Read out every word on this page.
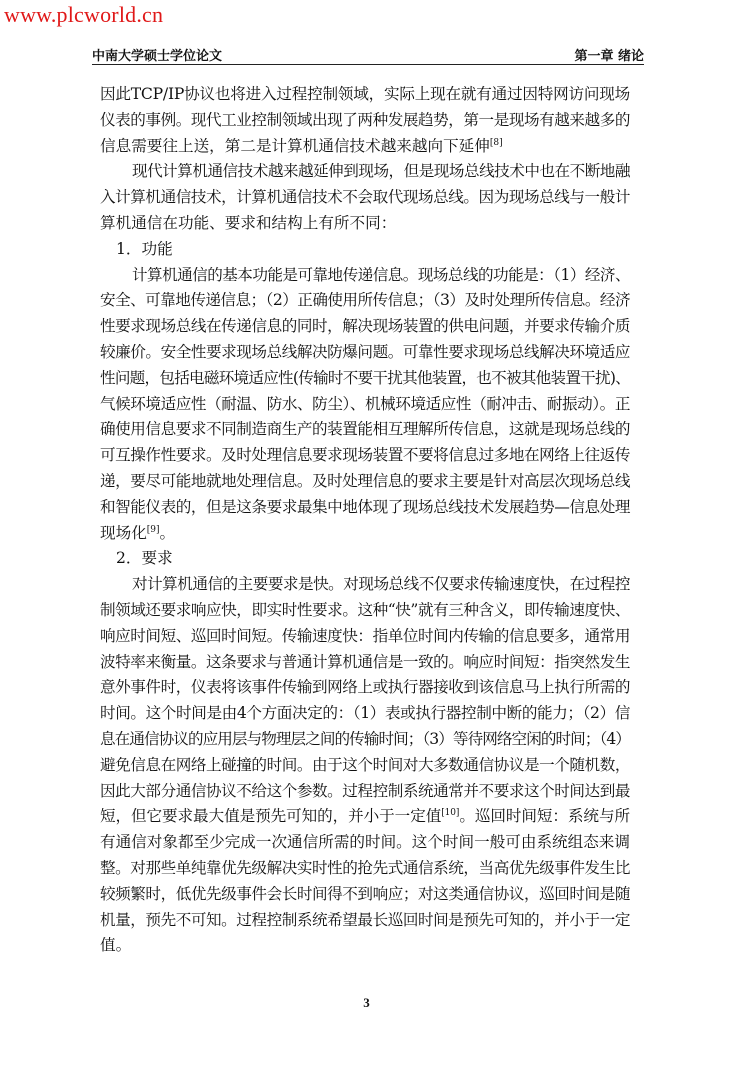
www.plcworld.cn
中南大学硕士学位论文	第一章 绪论
因此TCP/IP协议也将进入过程控制领域，实际上现在就有通过因特网访问现场
仪表的事例。现代工业控制领域出现了两种发展趋势，第一是现场有越来越多的
信息需要往上送，第二是计算机通信技术越来越向下延伸[8]
现代计算机通信技术越来越延伸到现场，但是现场总线技术中也在不断地融
入计算机通信技术，计算机通信技术不会取代现场总线。因为现场总线与一般计
算机通信在功能、要求和结构上有所不同：
1．功能
计算机通信的基本功能是可靠地传递信息。现场总线的功能是：（1）经济、
安全、可靠地传递信息；（2）正确使用所传信息；（3）及时处理所传信息。经济
性要求现场总线在传递信息的同时，解决现场装置的供电问题，并要求传输介质
较廉价。安全性要求现场总线解决防爆问题。可靠性要求现场总线解决环境适应
性问题，包括电磁环境适应性(传输时不要干扰其他装置，也不被其他装置干扰)、
气候环境适应性（耐温、防水、防尘）、机械环境适应性（耐冲击、耐振动）。正
确使用信息要求不同制造商生产的装置能相互理解所传信息，这就是现场总线的
可互操作性要求。及时处理信息要求现场装置不要将信息过多地在网络上往返传
递，要尽可能地就地处理信息。及时处理信息的要求主要是针对高层次现场总线
和智能仪表的，但是这条要求最集中地体现了现场总线技术发展趋势—信息处理
现场化[9]。
2．要求
对计算机通信的主要要求是快。对现场总线不仅要求传输速度快，在过程控
制领域还要求响应快，即实时性要求。这种“快”就有三种含义，即传输速度快、
响应时间短、巡回时间短。传输速度快：指单位时间内传输的信息要多，通常用
波特率来衡量。这条要求与普通计算机通信是一致的。响应时间短：指突然发生
意外事件时，仪表将该事件传输到网络上或执行器接收到该信息马上执行所需的
时间。这个时间是由4个方面决定的：（1）表或执行器控制中断的能力；（2）信
息在通信协议的应用层与物理层之间的传输时间；（3）等待网络空闲的时间；（4）
避免信息在网络上碰撞的时间。由于这个时间对大多数通信协议是一个随机数，
因此大部分通信协议不给这个参数。过程控制系统通常并不要求这个时间达到最
短，但它要求最大值是预先可知的，并小于一定值[10]。巡回时间短：系统与所
有通信对象都至少完成一次通信所需的时间。这个时间一般可由系统组态来调
整。对那些单纯靠优先级解决实时性的抢先式通信系统，当高优先级事件发生比
较频繁时，低优先级事件会长时间得不到响应；对这类通信协议，巡回时间是随
机量，预先不可知。过程控制系统希望最长巡回时间是预先可知的，并小于一定
值。
3
